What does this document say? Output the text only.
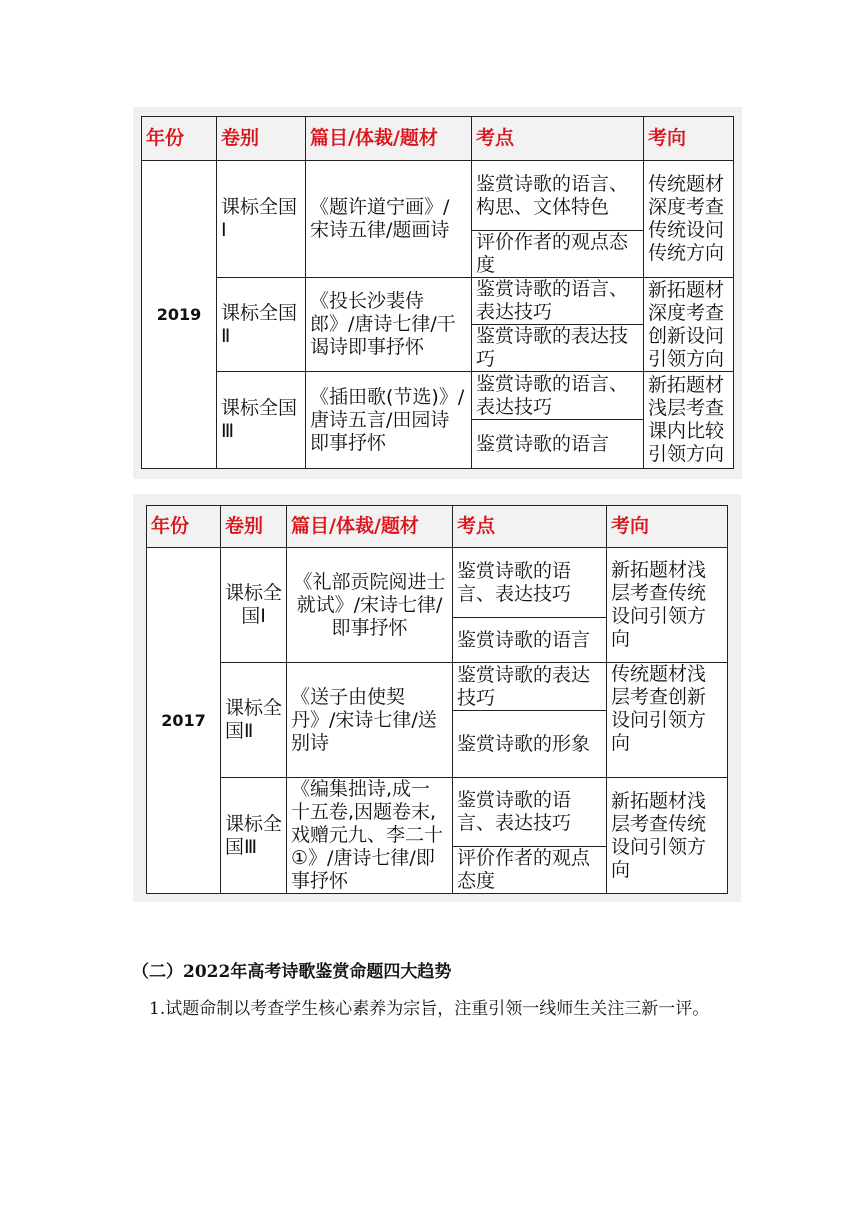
年份	卷别	篇目/体裁/题材	考点	考向
2019	课标全国Ⅰ	《题许道宁画》/宋诗五律/题画诗	鉴赏诗歌的语言、构思、文体特色	传统题材深度考查传统设问传统方向
			评价作者的观点态度	
	课标全国Ⅱ	《投长沙裴侍郎》/唐诗七律/干谒诗即事抒怀	鉴赏诗歌的语言、表达技巧	新拓题材深度考查创新设问引领方向
			鉴赏诗歌的表达技巧	
	课标全国Ⅲ	《插田歌(节选)》/唐诗五言/田园诗即事抒怀	鉴赏诗歌的语言、表达技巧	新拓题材浅层考查课内比较引领方向
			鉴赏诗歌的语言	
年份	卷别	篇目/体裁/题材	考点	考向
2017	课标全国Ⅰ	《礼部贡院阅进士就试》/宋诗七律/即事抒怀	鉴赏诗歌的语言、表达技巧	新拓题材浅层考查传统设问引领方向
			鉴赏诗歌的语言	
	课标全国Ⅱ	《送子由使契丹》/宋诗七律/送别诗	鉴赏诗歌的表达技巧	传统题材浅层考查创新设问引领方向
			鉴赏诗歌的形象	
	课标全国Ⅲ	《编集拙诗,成一十五卷,因题卷末,戏赠元九、李二十①》/唐诗七律/即事抒怀	鉴赏诗歌的语言、表达技巧	新拓题材浅层考查传统设问引领方向
			评价作者的观点态度	
（二）2022年高考诗歌鉴赏命题四大趋势
1.试题命制以考查学生核心素养为宗旨，注重引领一线师生关注三新一评。
